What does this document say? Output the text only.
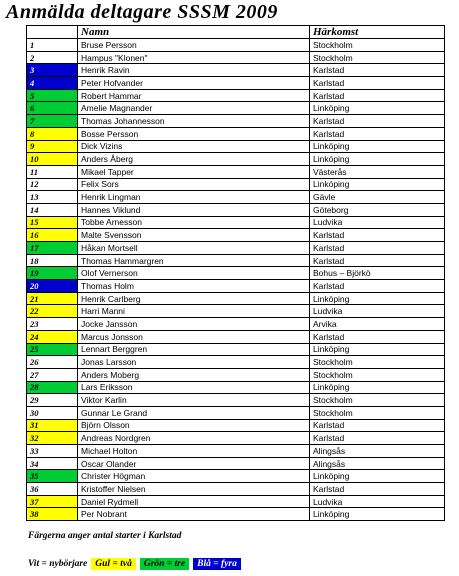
Anmälda deltagare SSSM 2009
	Namn	Härkomst
1	Bruse Persson	Stockholm
2	Hampus "Klonen"	Stockholm
3	Henrik Ravin	Karlstad
4	Peter Hofvander	Karlstad
5	Robert Hammar	Karlstad
6	Amelie Magnander	Linköping
7	Thomas Johannesson	Karlstad
8	Bosse Persson	Karlstad
9	Dick Vizins	Linköping
10	Anders Åberg	Linköping
11	Mikael Tapper	Västerås
12	Felix Sors	Linköping
13	Henrik Lingman	Gävle
14	Hannes Viklund	Göteborg
15	Tobbe Arnesson	Ludvika
16	Malte Svensson	Karlstad
17	Håkan Mortsell	Karlstad
18	Thomas Hammargren	Karlstad
19	Olof Vernerson	Bohus – Björkö
20	Thomas Holm	Karlstad
21	Henrik Carlberg	Linköping
22	Harri Manni	Ludvika
23	Jocke Jansson	Arvika
24	Marcus Jonsson	Karlstad
25	Lennart Berggren	Linköping
26	Jonas Larsson	Stockholm
27	Anders Moberg	Stockholm
28	Lars Eriksson	Linköping
29	Viktor Karlin	Stockholm
30	Gunnar Le Grand	Stockholm
31	Björn Olsson	Karlstad
32	Andreas Nordgren	Karlstad
33	Michael Holton	Alingsås
34	Oscar Olander	Alingsås
35	Christer Högman	Linköping
36	Kristoffer Nielsen	Karlstad
37	Daniel Rydmell	Ludvika
38	Per Nobrant	Linköping
Färgerna anger antal starter i Karlstad
Vit = nybörjare Gul = två	Grön = tre	Blå = fyra
